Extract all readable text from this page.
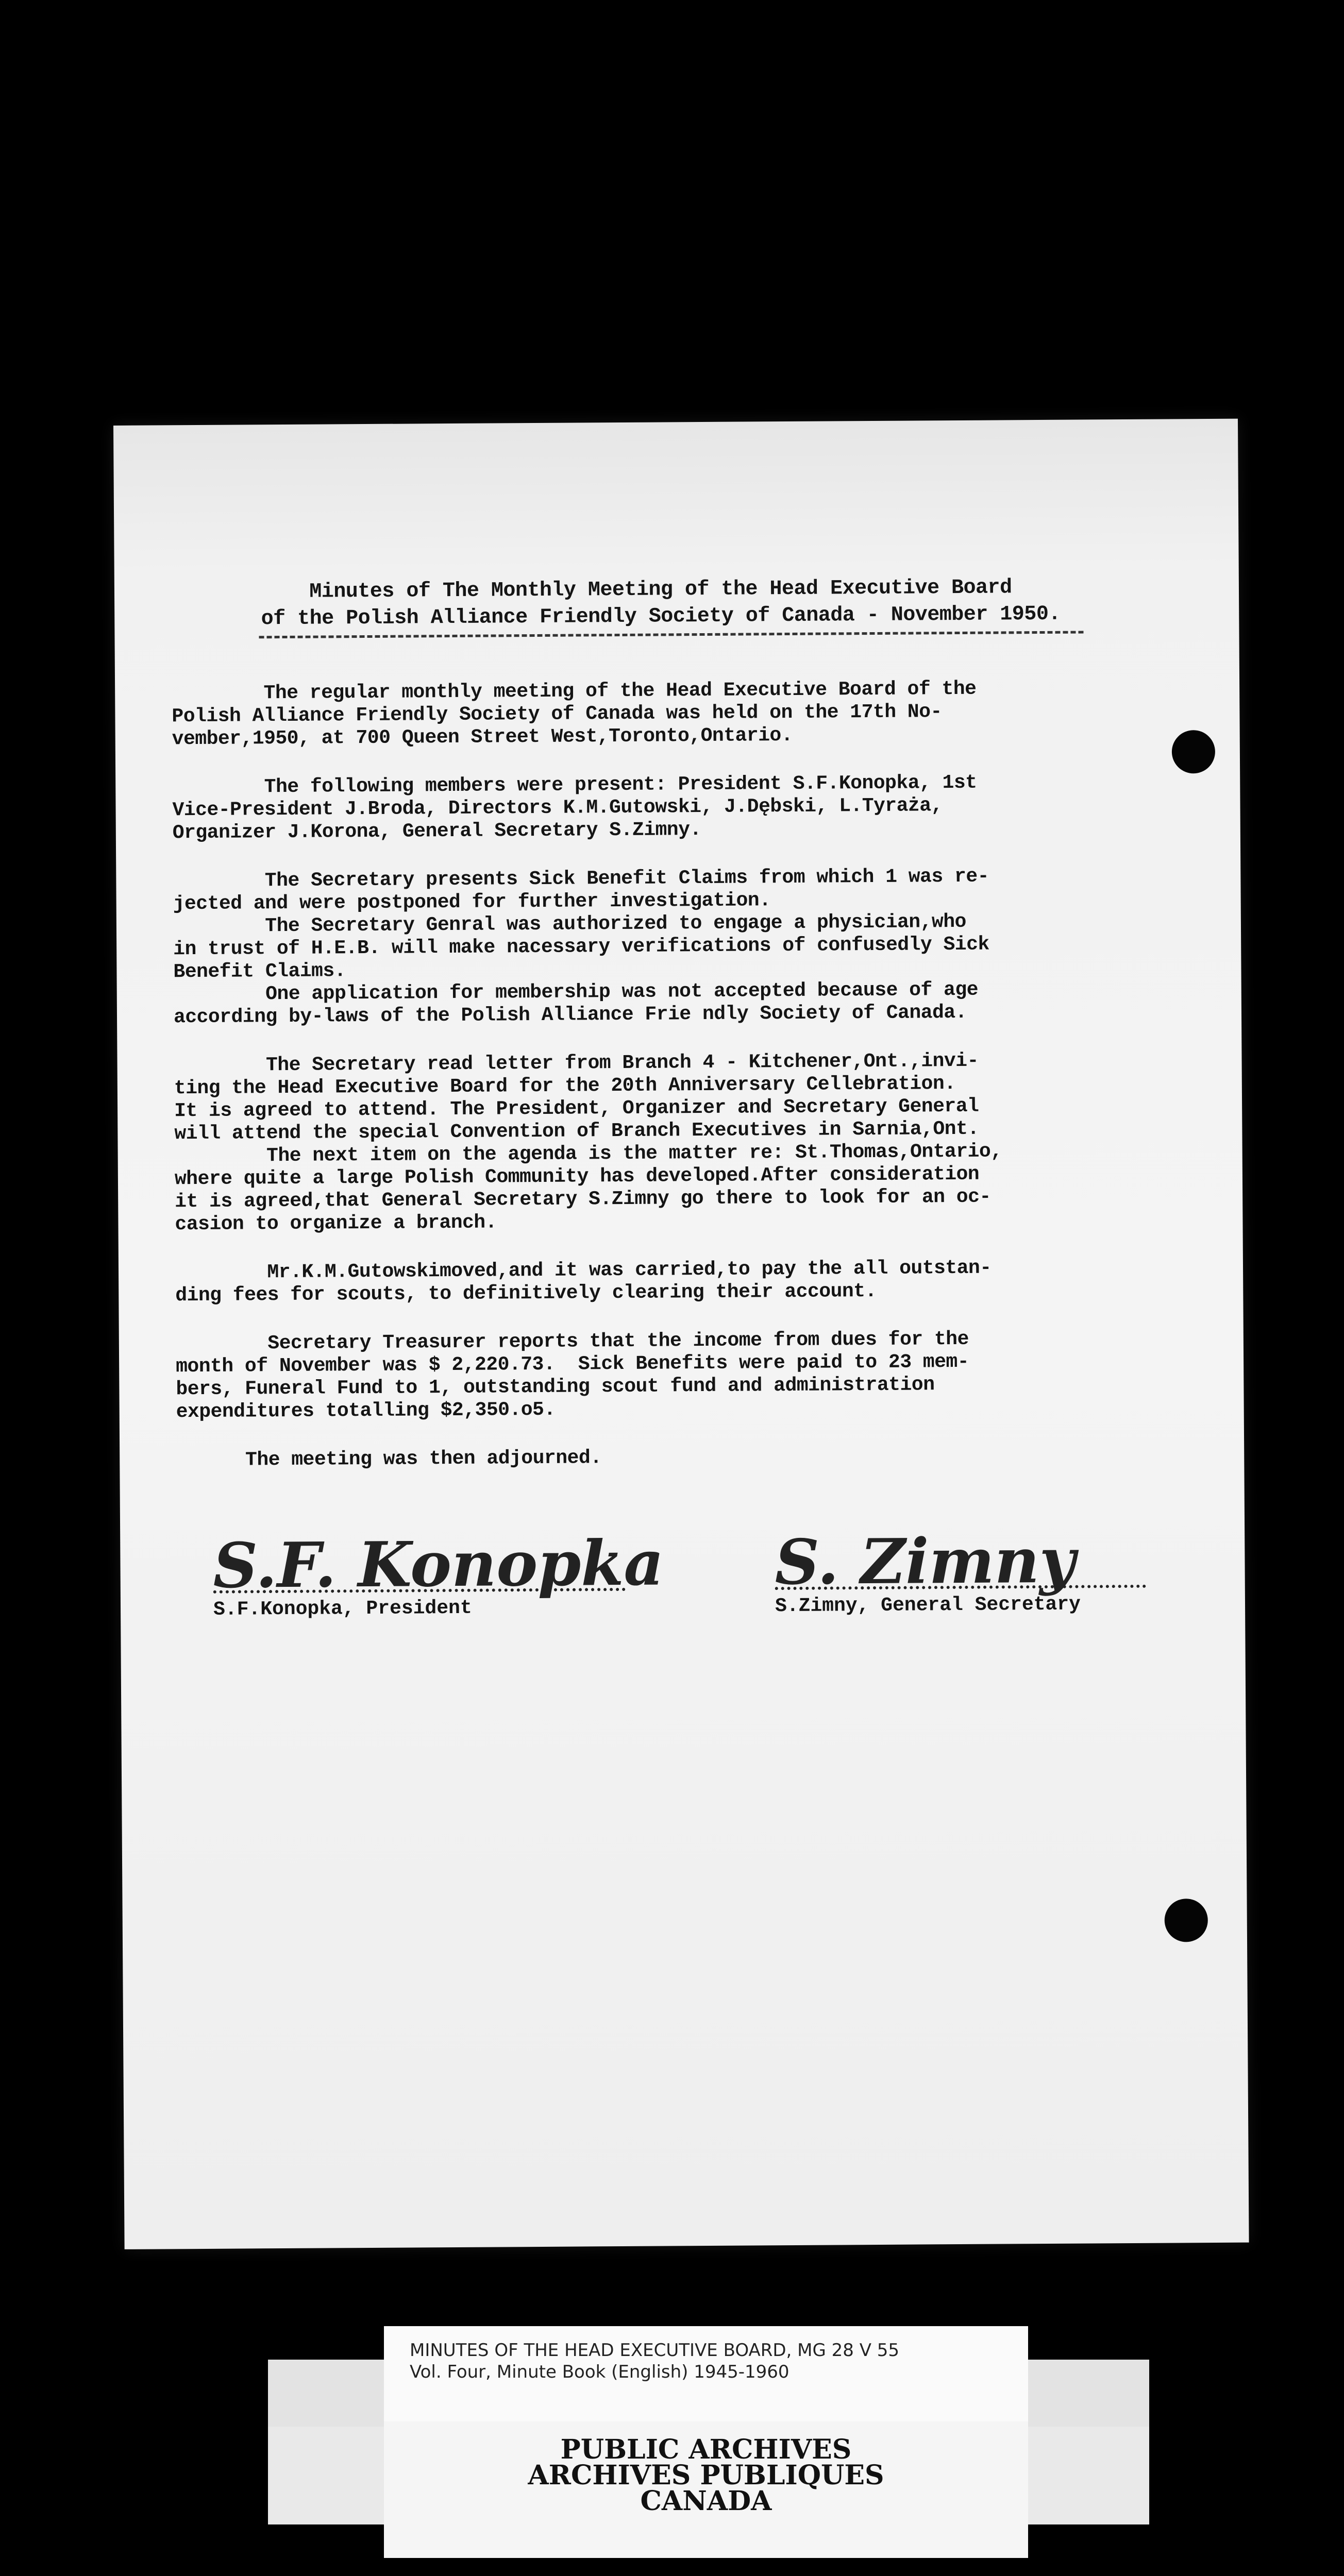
Minutes of The Monthly Meeting of the Head Executive Board
of the Polish Alliance Friendly Society of Canada - November 1950.

The regular monthly meeting of the Head Executive Board of the
Polish Alliance Friendly Society of Canada was held on the 17th No-
vember,1950, at 700 Queen Street West,Toronto,Ontario.

The following members were present: President S.F.Konopka, 1st
Vice-President J.Broda, Directors K.M.Gutowski, J.Dębski, L.Tyraża,
Organizer J.Korona, General Secretary S.Zimny.

The Secretary presents Sick Benefit Claims from which 1 was re-
jected and were postponed for further investigation.
The Secretary Genral was authorized to engage a physician,who
in trust of H.E.B. will make nacessary verifications of confusedly Sick
Benefit Claims.
One application for membership was not accepted because of age
according by-laws of the Polish Alliance Frie ndly Society of Canada.

The Secretary read letter from Branch 4 - Kitchener,Ont.,invi-
ting the Head Executive Board for the 20th Anniversary Cellebration.
It is agreed to attend. The President, Organizer and Secretary General
will attend the special Convention of Branch Executives in Sarnia,Ont.
The next item on the agenda is the matter re: St.Thomas,Ontario,
where quite a large Polish Community has developed.After consideration
it is agreed,that General Secretary S.Zimny go there to look for an oc-
casion to organize a branch.

Mr.K.M.Gutowskimoved,and it was carried,to pay the all outstan-
ding fees for scouts, to definitively clearing their account.

Secretary Treasurer reports that the income from dues for the
month of November was $ 2,220.73.  Sick Benefits were paid to 23 mem-
bers, Funeral Fund to 1, outstanding scout fund and administration
expenditures totalling $2,350.o5.

The meeting was then adjourned.

S.F. Konopka
S.F.Konopka, President
S. Zimny
S.Zimny, General Secretary
MINUTES OF THE HEAD EXECUTIVE BOARD, MG 28 V 55
Vol. Four, Minute Book (English) 1945-1960
PUBLIC ARCHIVES
ARCHIVES PUBLIQUES
CANADA
